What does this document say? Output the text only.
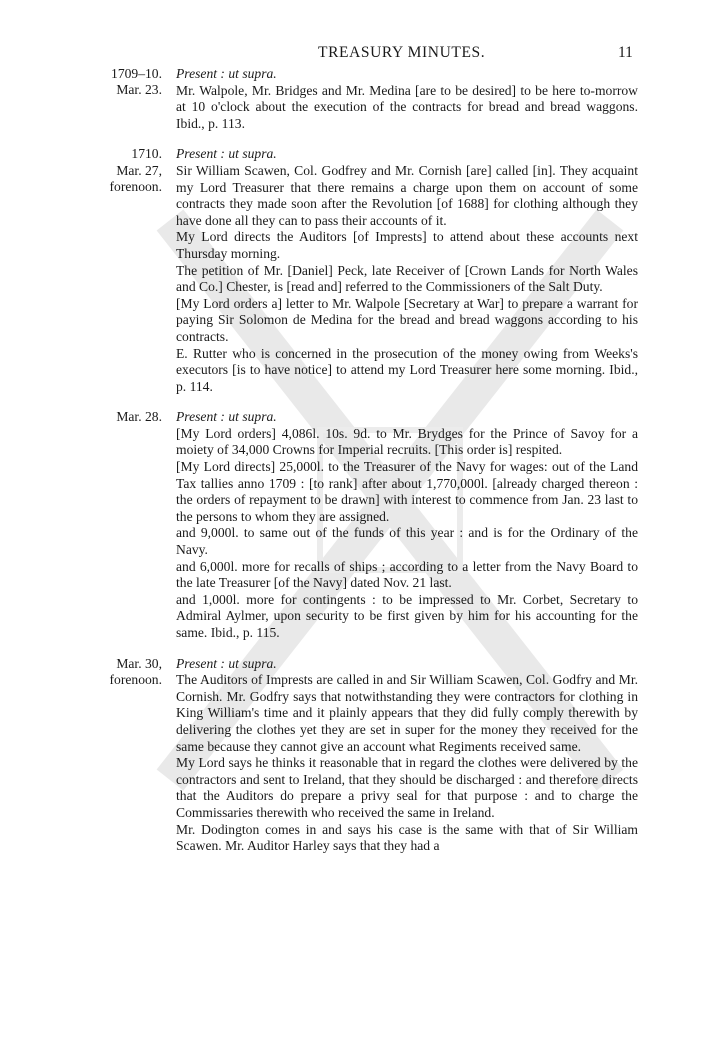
TREASURY MINUTES.	11
1709–10.
Mar. 23.

Present : ut supra.

Mr. Walpole, Mr. Bridges and Mr. Medina [are to be desired] to be here to-morrow at 10 o'clock about the execution of the contracts for bread and bread waggons. Ibid., p. 113.

1710.
Mar. 27,
forenoon.

Present : ut supra.

Sir William Scawen, Col. Godfrey and Mr. Cornish [are] called [in]. They acquaint my Lord Treasurer that there remains a charge upon them on account of some contracts they made soon after the Revolution [of 1688] for clothing although they have done all they can to pass their accounts of it.

My Lord directs the Auditors [of Imprests] to attend about these accounts next Thursday morning.

The petition of Mr. [Daniel] Peck, late Receiver of [Crown Lands for North Wales and Co.] Chester, is [read and] referred to the Commissioners of the Salt Duty.

[My Lord orders a] letter to Mr. Walpole [Secretary at War] to prepare a warrant for paying Sir Solomon de Medina for the bread and bread waggons according to his contracts.

E. Rutter who is concerned in the prosecution of the money owing from Weeks's executors [is to have notice] to attend my Lord Treasurer here some morning. Ibid., p. 114.

Mar. 28. Present : ut supra.

[My Lord orders] 4,086l. 10s. 9d. to Mr. Brydges for the Prince of Savoy for a moiety of 34,000 Crowns for Imperial recruits. [This order is] respited.

[My Lord directs] 25,000l. to the Treasurer of the Navy for wages: out of the Land Tax tallies anno 1709 : [to rank] after about 1,770,000l. [already charged thereon : the orders of repayment to be drawn] with interest to commence from Jan. 23 last to the persons to whom they are assigned.

and 9,000l. to same out of the funds of this year : and is for the Ordinary of the Navy.

and 6,000l. more for recalls of ships ; according to a letter from the Navy Board to the late Treasurer [of the Navy] dated Nov. 21 last.

and 1,000l. more for contingents : to be impressed to Mr. Corbet, Secretary to Admiral Aylmer, upon security to be first given by him for his accounting for the same. Ibid., p. 115.

Mar. 30,
forenoon.

Present : ut supra.

The Auditors of Imprests are called in and Sir William Scawen, Col. Godfry and Mr. Cornish. Mr. Godfry says that notwithstanding they were contractors for clothing in King William's time and it plainly appears that they did fully comply therewith by delivering the clothes yet they are set in super for the money they received for the same because they cannot give an account what Regiments received same.

My Lord says he thinks it reasonable that in regard the clothes were delivered by the contractors and sent to Ireland, that they should be discharged : and therefore directs that the Auditors do prepare a privy seal for that purpose : and to charge the Commissaries therewith who received the same in Ireland.

Mr. Dodington comes in and says his case is the same with that of Sir William Scawen. Mr. Auditor Harley says that they had a
